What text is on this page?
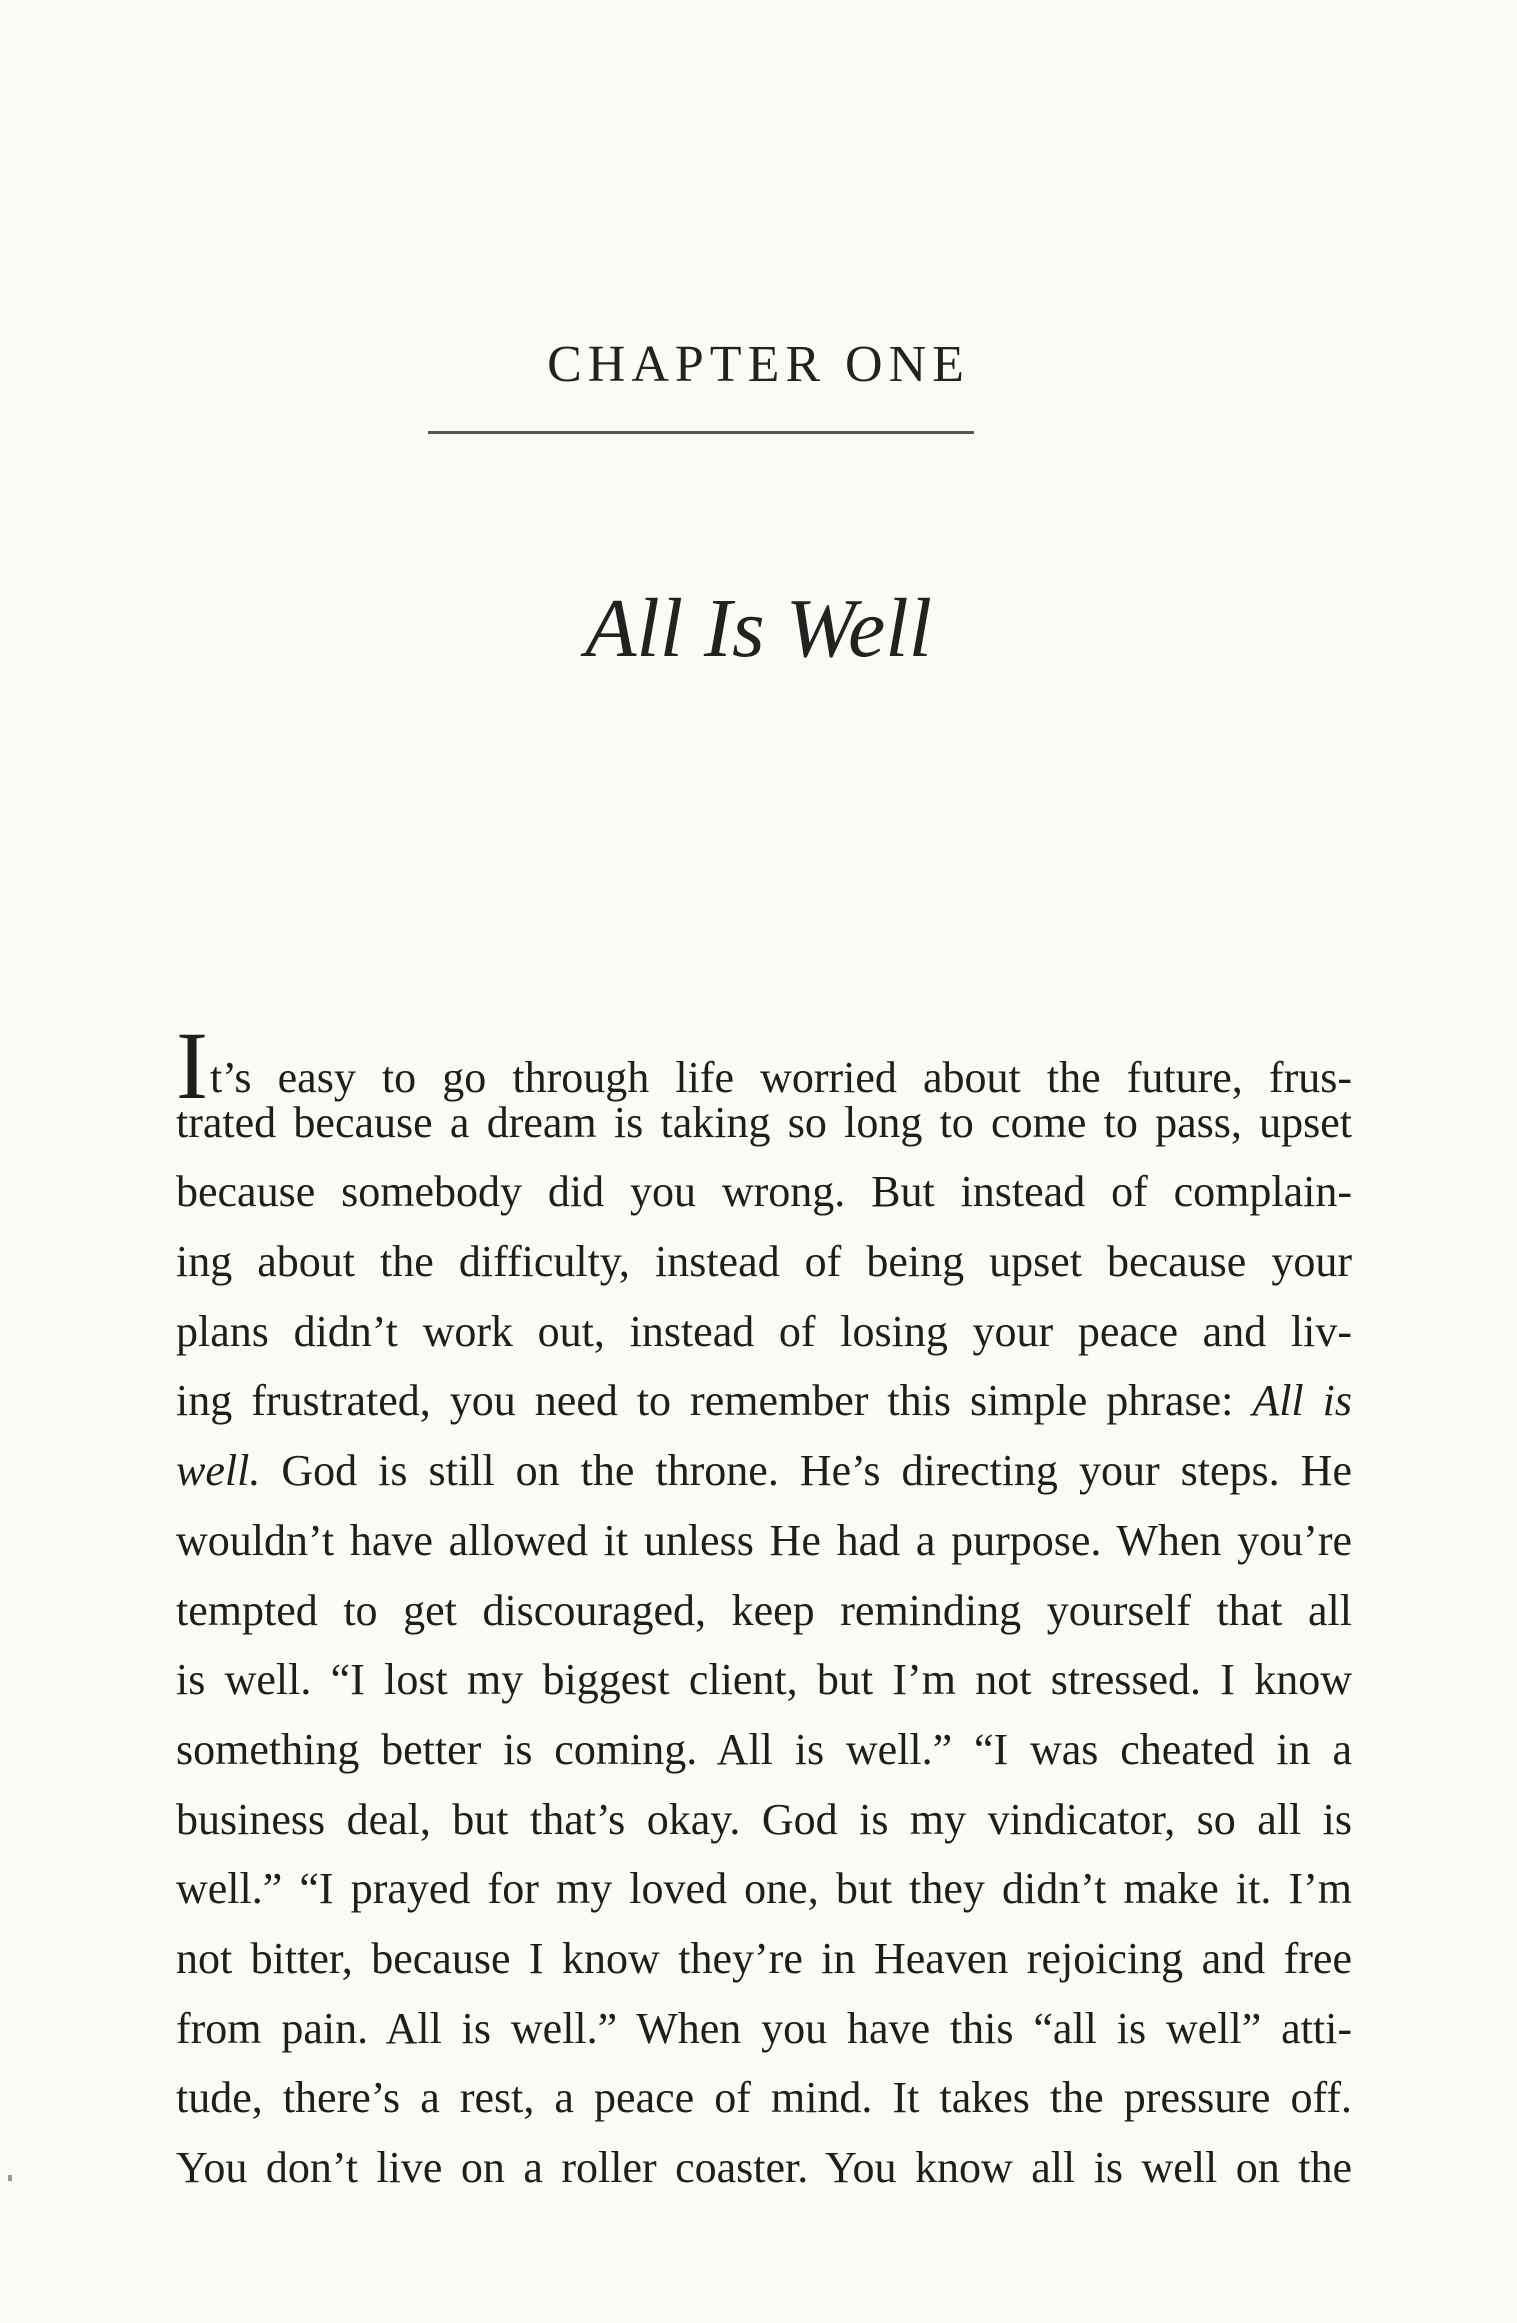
CHAPTER ONE
All Is Well
It’s easy to go through life worried about the future, frus-
trated because a dream is taking so long to come to pass, upset
because somebody did you wrong. But instead of complain-
ing about the difficulty, instead of being upset because your
plans didn’t work out, instead of losing your peace and liv-
ing frustrated, you need to remember this simple phrase: All is
well. God is still on the throne. He’s directing your steps. He
wouldn’t have allowed it unless He had a purpose. When you’re
tempted to get discouraged, keep reminding yourself that all
is well. “I lost my biggest client, but I’m not stressed. I know
something better is coming. All is well.” “I was cheated in a
business deal, but that’s okay. God is my vindicator, so all is
well.” “I prayed for my loved one, but they didn’t make it. I’m
not bitter, because I know they’re in Heaven rejoicing and free
from pain. All is well.” When you have this “all is well” atti-
tude, there’s a rest, a peace of mind. It takes the pressure off.
You don’t live on a roller coaster. You know all is well on the
